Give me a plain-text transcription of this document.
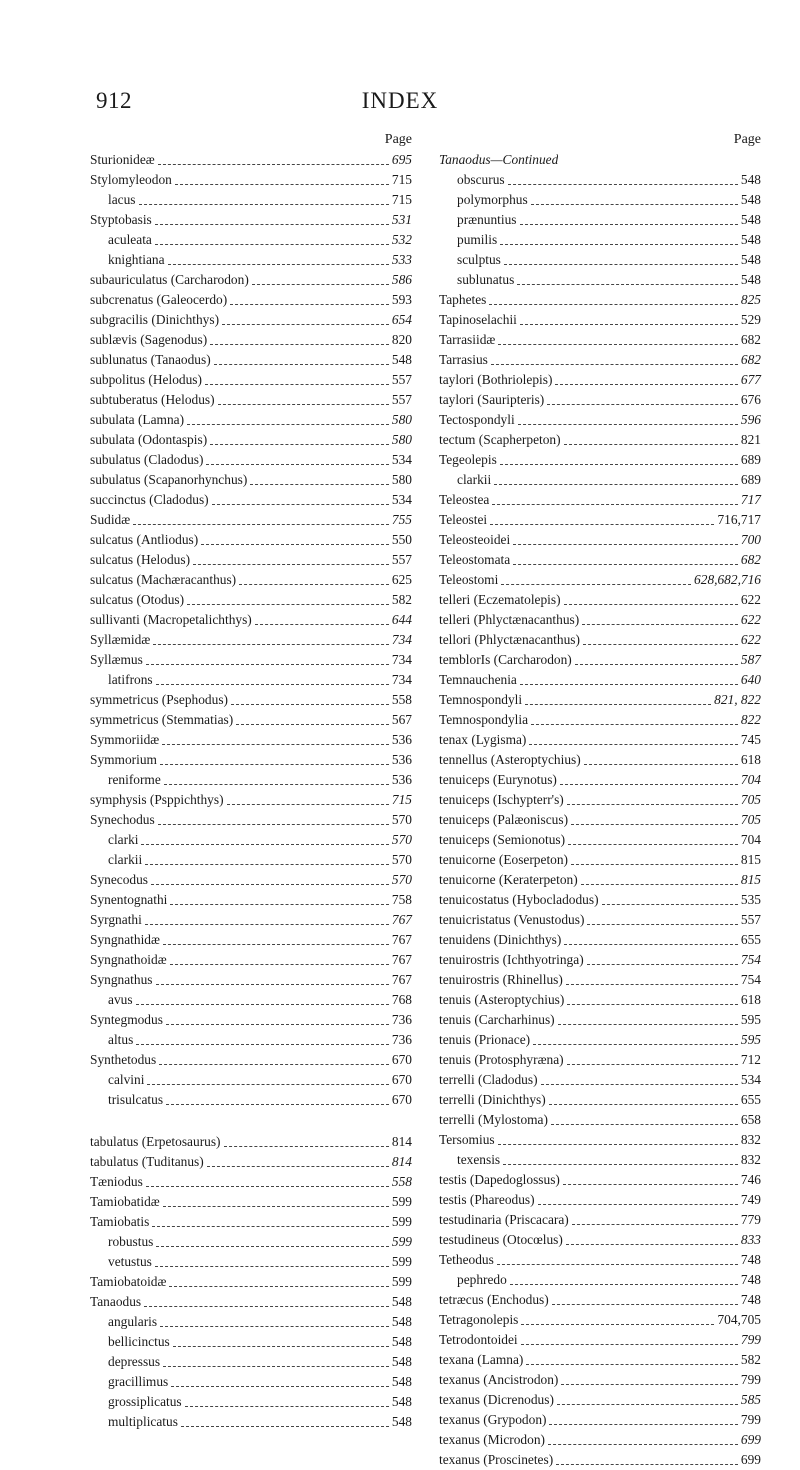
912	INDEX
Page
Sturionideæ	695
Stylomyleodon	715
lacus	715
Styptobasis	531
aculeata	532
knightiana	533
subauriculatus (Carcharodon)	586
subcrenatus (Galeocerdo)	593
subgracilis (Dinichthys)	654
sublævis (Sagenodus)	820
sublunatus (Tanaodus)	548
subpolitus (Helodus)	557
subtuberatus (Helodus)	557
subulata (Lamna)	580
subulata (Odontaspis)	580
subulatus (Cladodus)	534
subulatus (Scapanorhynchus)	580
succinctus (Cladodus)	534
Sudidæ	755
sulcatus (Antliodus)	550
sulcatus (Helodus)	557
sulcatus (Machæracanthus)	625
sulcatus (Otodus)	582
sullivanti (Macropetalichthys)	644
Syllæmidæ	734
Syllæmus	734
latifrons	734
symmetricus (Psephodus)	558
symmetricus (Stemmatias)	567
Symmoriidæ	536
Symmorium	536
reniforme	536
symphysis (Psppichthys)	715
Synechodus	570
clarki	570
clarkii	570
Synecodus	570
Synentognathi	758
Syrgnathi	767
Syngnathidæ	767
Syngnathoidæ	767
Syngnathus	767
avus	768
Syntegmodus	736
altus	736
Synthetodus	670
calvini	670
trisulcatus	670
tabulatus (Erpetosaurus)	814
tabulatus (Tuditanus)	814
Tæniodus	558
Tamiobatidæ	599
Tamiobatis	599
robustus	599
vetustus	599
Tamiobatoidæ	599
Tanaodus	548
angularis	548
bellicinctus	548
depressus	548
gracillimus	548
grossiplicatus	548
multiplicatus	548
Page
Tanaodus—Continued
obscurus	548
polymorphus	548
prænuntius	548
pumilis	548
sculptus	548
sublunatus	548
Taphetes	825
Tapinoselachii	529
Tarrasiidæ	682
Tarrasius	682
taylori (Bothriolepis)	677
taylori (Sauripteris)	676
Tectospondyli	596
tectum (Scapherpeton)	821
Tegeolepis	689
clarkii	689
Teleostea	717
Teleostei	716,717
Teleosteoidei	700
Teleostomata	682
Teleostomi	628,682,716
telleri (Eczematolepis)	622
telleri (Phlyctænacanthus)	622
tellori (Phlyctænacanthus)	622
temblorIs (Carcharodon)	587
Temnauchenia	640
Temnospondyli	821, 822
Temnospondylia	822
tenax (Lygisma)	745
tennellus (Asteroptychius)	618
tenuiceps (Eurynotus)	704
tenuiceps (Ischypterr's)	705
tenuiceps (Palæoniscus)	705
tenuiceps (Semionotus)	704
tenuicorne (Eoserpeton)	815
tenuicorne (Keraterpeton)	815
tenuicostatus (Hybocladodus)	535
tenuicristatus (Venustodus)	557
tenuidens (Dinichthys)	655
tenuirostris (Ichthyotringa)	754
tenuirostris (Rhinellus)	754
tenuis (Asteroptychius)	618
tenuis (Carcharhinus)	595
tenuis (Prionace)	595
tenuis (Protosphyræna)	712
terrelli (Cladodus)	534
terrelli (Dinichthys)	655
terrelli (Mylostoma)	658
Tersomius	832
texensis	832
testis (Dapedoglossus)	746
testis (Phareodus)	749
testudinaria (Priscacara)	779
testudineus (Otocœlus)	833
Tetheodus	748
pephredo	748
tetræcus (Enchodus)	748
Tetragonolepis	704,705
Tetrodontoidei	799
texana (Lamna)	582
texanus (Ancistrodon)	799
texanus (Dicrenodus)	585
texanus (Grypodon)	799
texanus (Microdon)	699
texanus (Proscinetes)	699
